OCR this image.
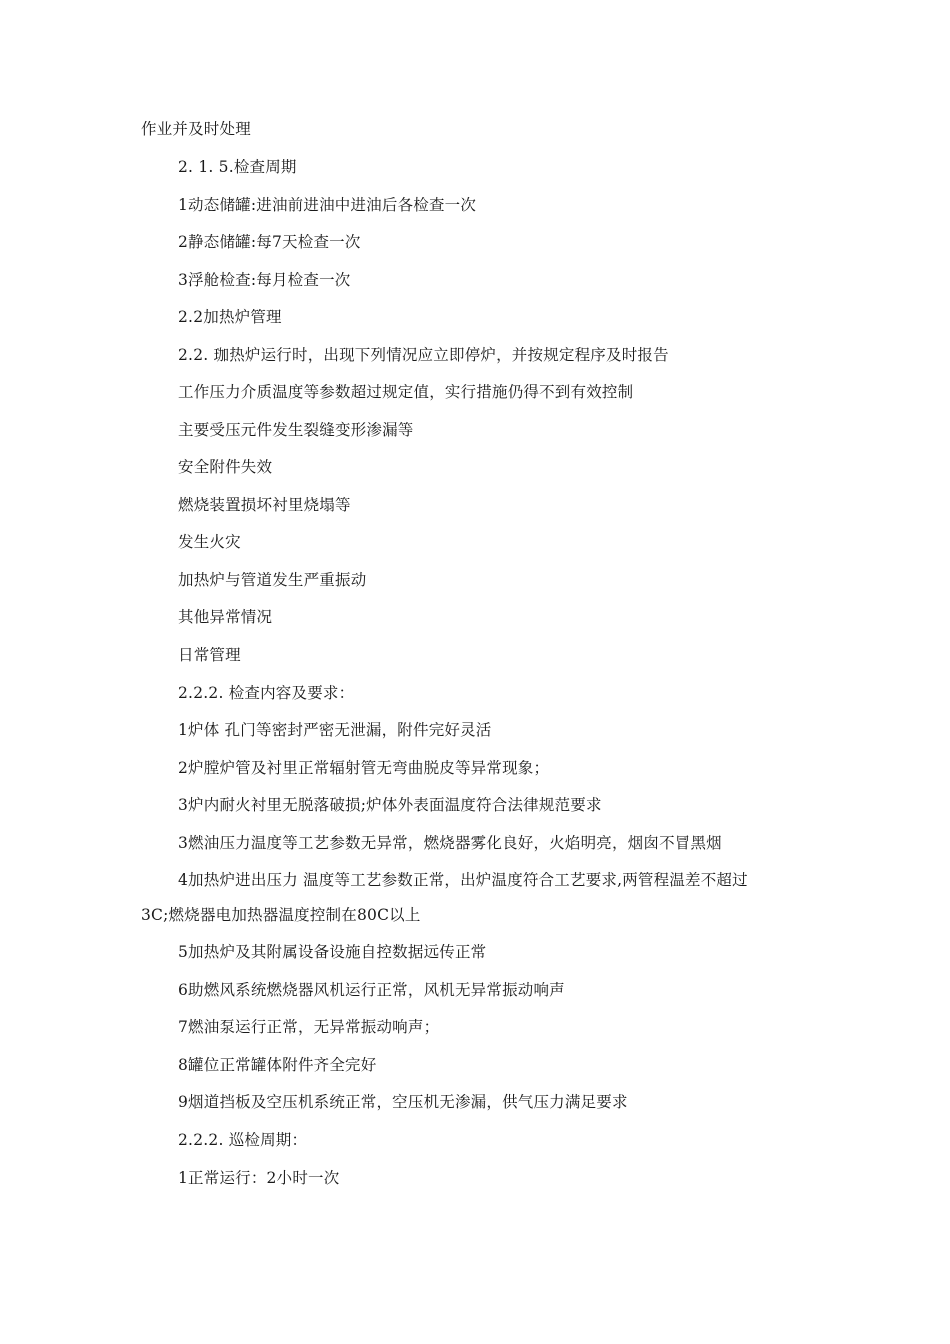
作业并及时处理
2. 1. 5.检查周期
1动态储罐:进油前进油中进油后各检查一次
2静态储罐:每7天检查一次
3浮舱检查:每月检查一次
2.2加热炉管理
2.2. 珈热炉运行时，出现下列情况应立即停炉，并按规定程序及时报告
工作压力介质温度等参数超过规定值，实行措施仍得不到有效控制
主要受压元件发生裂缝变形渗漏等
安全附件失效
燃烧装置损坏衬里烧塌等
发生火灾
加热炉与管道发生严重振动
其他异常情况
日常管理
2.2.2. 检查内容及要求：
1炉体 孔门等密封严密无泄漏，附件完好灵活
2炉膛炉管及衬里正常辐射管无弯曲脱皮等异常现象；
3炉内耐火衬里无脱落破损;炉体外表面温度符合法律规范要求
3燃油压力温度等工艺参数无异常，燃烧器雾化良好，火焰明亮，烟囱不冒黑烟
4加热炉进出压力 温度等工艺参数正常，出炉温度符合工艺要求,两管程温差不超过
3C;燃烧器电加热器温度控制在80C以上
5加热炉及其附属设备设施自控数据远传正常
6助燃风系统燃烧器风机运行正常，风机无异常振动响声
7燃油泵运行正常，无异常振动响声；
8罐位正常罐体附件齐全完好
9烟道挡板及空压机系统正常，空压机无渗漏，供气压力满足要求
2.2.2. 巡检周期：
1正常运行：2小时一次
